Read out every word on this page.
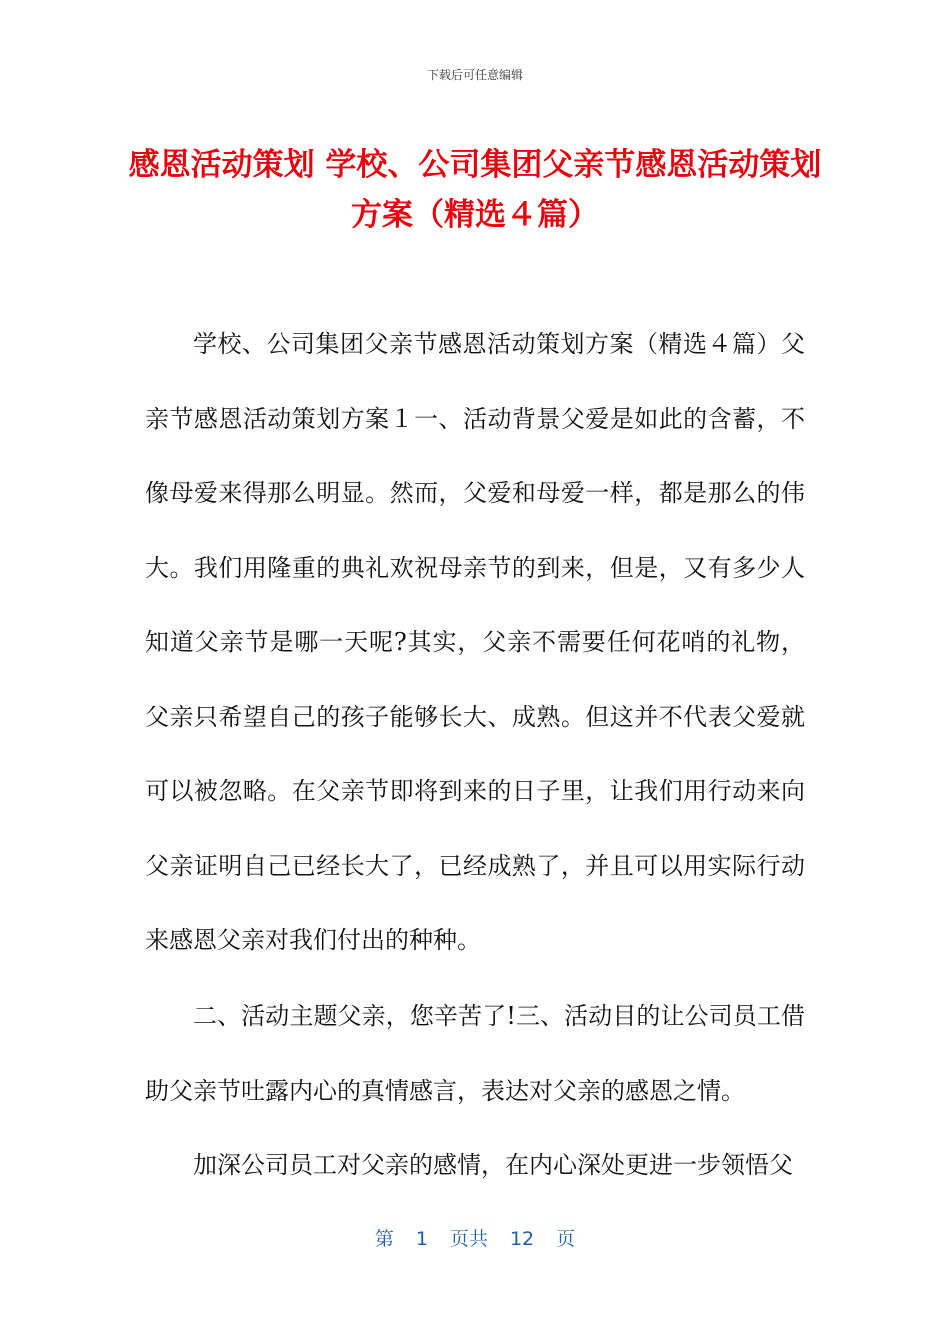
下载后可任意编辑
感恩活动策划 学校、公司集团父亲节感恩活动策划方案（精选４篇）

学校、公司集团父亲节感恩活动策划方案（精选４篇）父亲节感恩活动策划方案１一、活动背景父爱是如此的含蓄，不像母爱来得那么明显。然而，父爱和母爱一样，都是那么的伟大。我们用隆重的典礼欢祝母亲节的到来，但是，又有多少人知道父亲节是哪一天呢?其实，父亲不需要任何花哨的礼物，父亲只希望自己的孩子能够长大、成熟。但这并不代表父爱就可以被忽略。在父亲节即将到来的日子里，让我们用行动来向父亲证明自己已经长大了，已经成熟了，并且可以用实际行动来感恩父亲对我们付出的种种。

二、活动主题父亲，您辛苦了!三、活动目的让公司员工借助父亲节吐露内心的真情感言，表达对父亲的感恩之情。

加深公司员工对父亲的感情，在内心深处更进一步领悟父

第 1 页共 12 页
